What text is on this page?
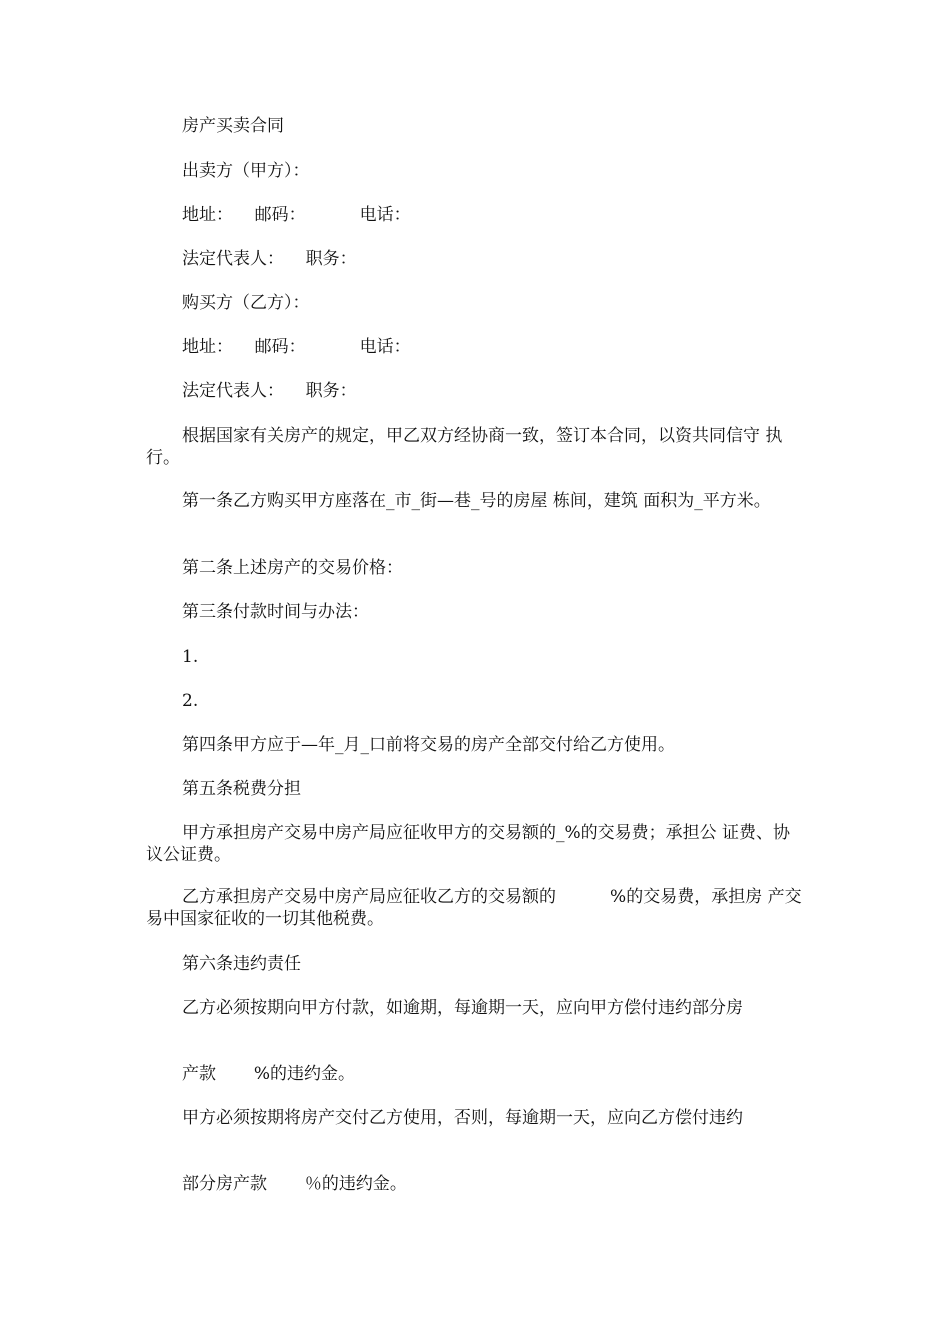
房产买卖合同

出卖方（甲方）：

地址：    邮码：          电话：

法定代表人：    职务：

购买方（乙方）：

地址：    邮码：          电话：

法定代表人：    职务：

根据国家有关房产的规定，甲乙双方经协商一致，签订本合同，以资共同信守 执行。

第一条乙方购买甲方座落在_市_街—巷_号的房屋 栋间，建筑 面积为_平方米。

第二条上述房产的交易价格：

第三条付款时间与办法：

1.

2.

第四条甲方应于—年_月_口前将交易的房产全部交付给乙方使用。

第五条税费分担

甲方承担房产交易中房产局应征收甲方的交易额的_%的交易费；承担公 证费、协议公证费。

乙方承担房产交易中房产局应征收乙方的交易额的          %的交易费，承担房 产交易中国家征收的一切其他税费。

第六条违约责任

乙方必须按期向甲方付款，如逾期，每逾期一天，应向甲方偿付违约部分房

产款       %的违约金。

甲方必须按期将房产交付乙方使用，否则，每逾期一天，应向乙方偿付违约

部分房产款       ％的违约金。
